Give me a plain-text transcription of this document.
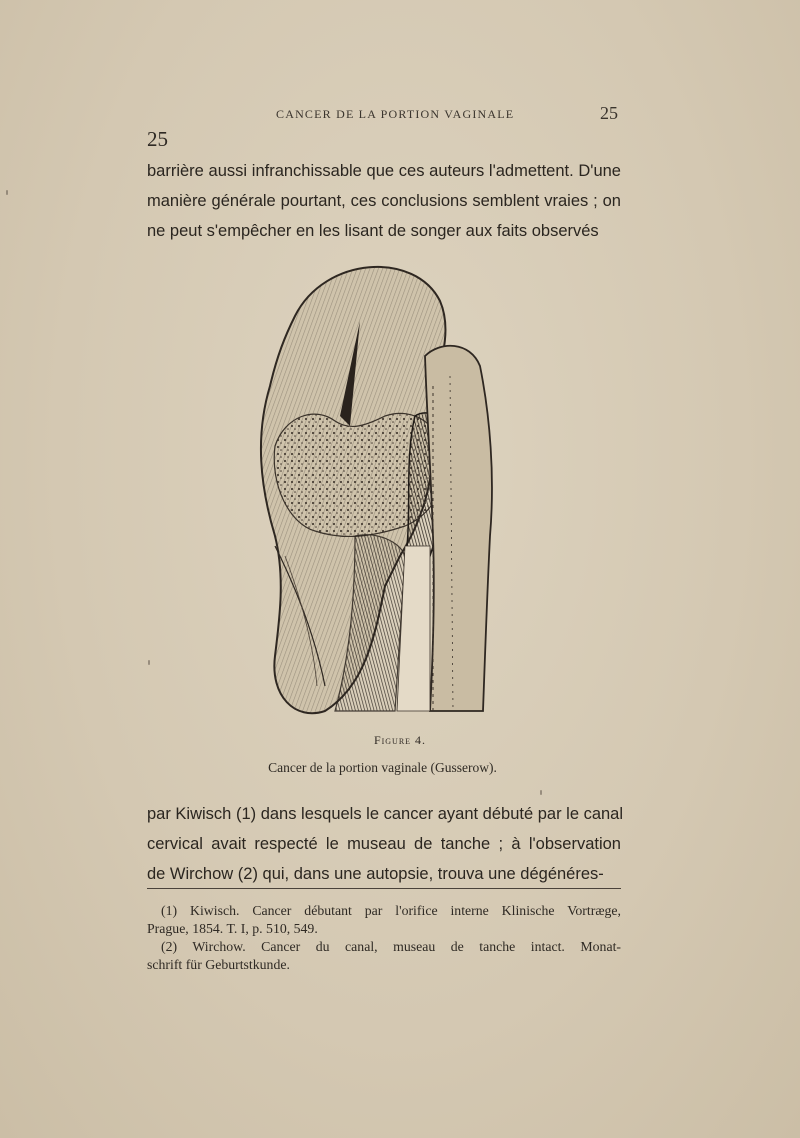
CANCER DE LA PORTION VAGINALE	25
25
barrière aussi infranchissable que ces auteurs l'admettent. D'une
manière générale pourtant, ces conclusions semblent vraies ; on
ne peut s'empêcher en les lisant de songer aux faits observés
Figure 4.
Cancer de la portion vaginale (Gusserow).
par Kiwisch (1) dans lesquels le cancer ayant débuté par le canal
cervical avait respecté le museau de tanche ; à l'observation
de Wirchow (2) qui, dans une autopsie, trouva une dégénéres-
(1) Kiwisch. Cancer débutant par l'orifice interne Klinische Vortræge,
Prague, 1854. T. I, p. 510, 549.
(2) Wirchow. Cancer du canal, museau de tanche intact. Monat-
schrift für Geburtstkunde.
